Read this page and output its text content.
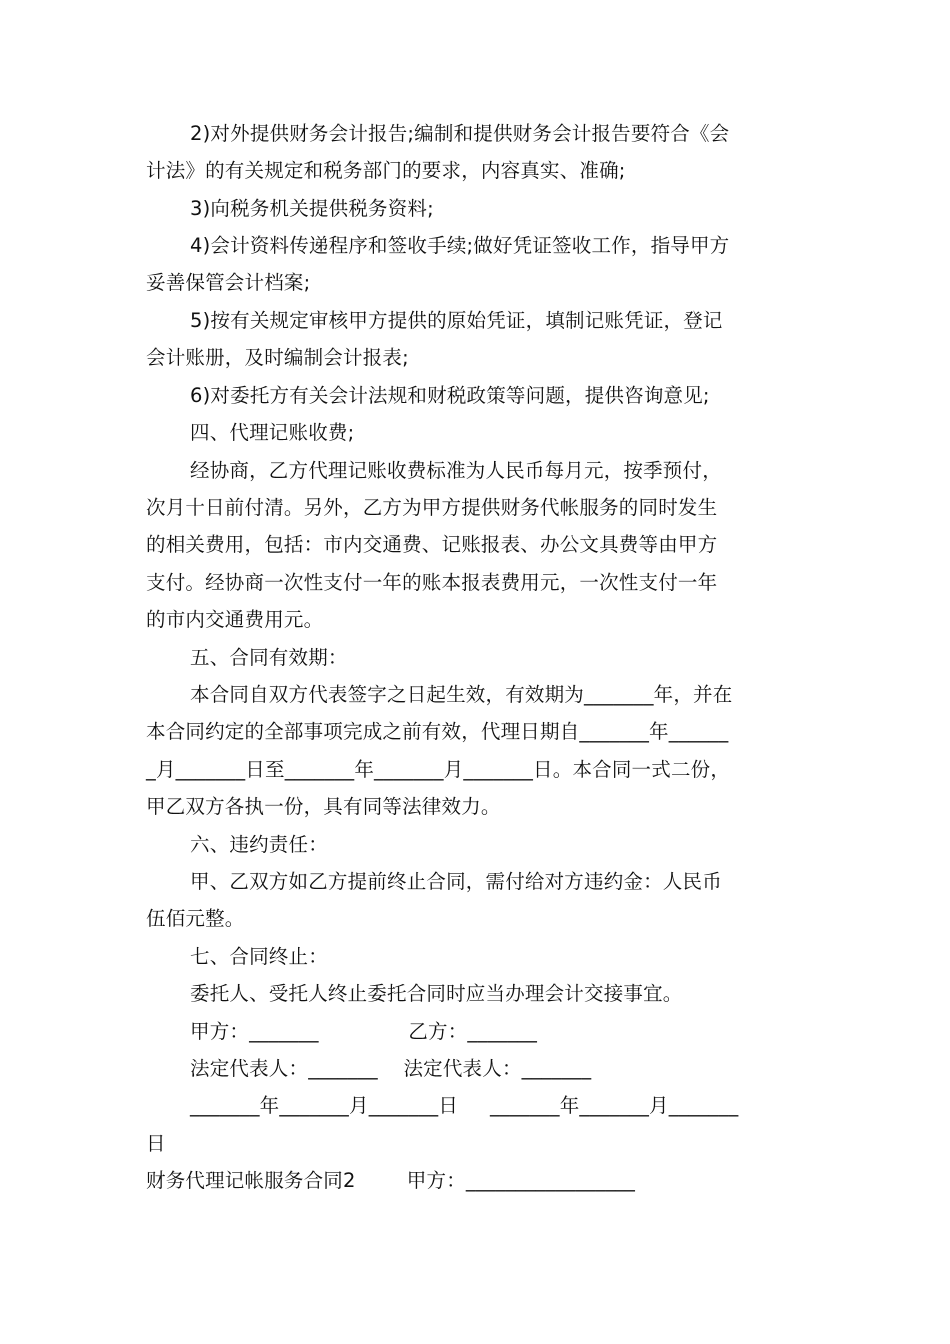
2)对外提供财务会计报告;编制和提供财务会计报告要符合《会
计法》的有关规定和税务部门的要求，内容真实、准确;
3)向税务机关提供税务资料;
4)会计资料传递程序和签收手续;做好凭证签收工作，指导甲方
妥善保管会计档案;
5)按有关规定审核甲方提供的原始凭证，填制记账凭证，登记
会计账册，及时编制会计报表;
6)对委托方有关会计法规和财税政策等问题，提供咨询意见;
四、代理记账收费;
经协商，乙方代理记账收费标准为人民币每月元，按季预付，
次月十日前付清。另外，乙方为甲方提供财务代帐服务的同时发生
的相关费用，包括：市内交通费、记账报表、办公文具费等由甲方
支付。经协商一次性支付一年的账本报表费用元，一次性支付一年
的市内交通费用元。
五、合同有效期：
本合同自双方代表签字之日起生效，有效期为_______年，并在
本合同约定的全部事项完成之前有效，代理日期自_______年______
_月_______日至_______年_______月_______日。本合同一式二份，
甲乙双方各执一份，具有同等法律效力。
六、违约责任：
甲、乙双方如乙方提前终止合同，需付给对方违约金：人民币
伍佰元整。
七、合同终止：
委托人、受托人终止委托合同时应当办理会计交接事宜。
甲方：_______              乙方：_______
法定代表人：_______    法定代表人：_______
_______年_______月_______日     _______年_______月_______
日
财务代理记帐服务合同2        甲方：_________________
